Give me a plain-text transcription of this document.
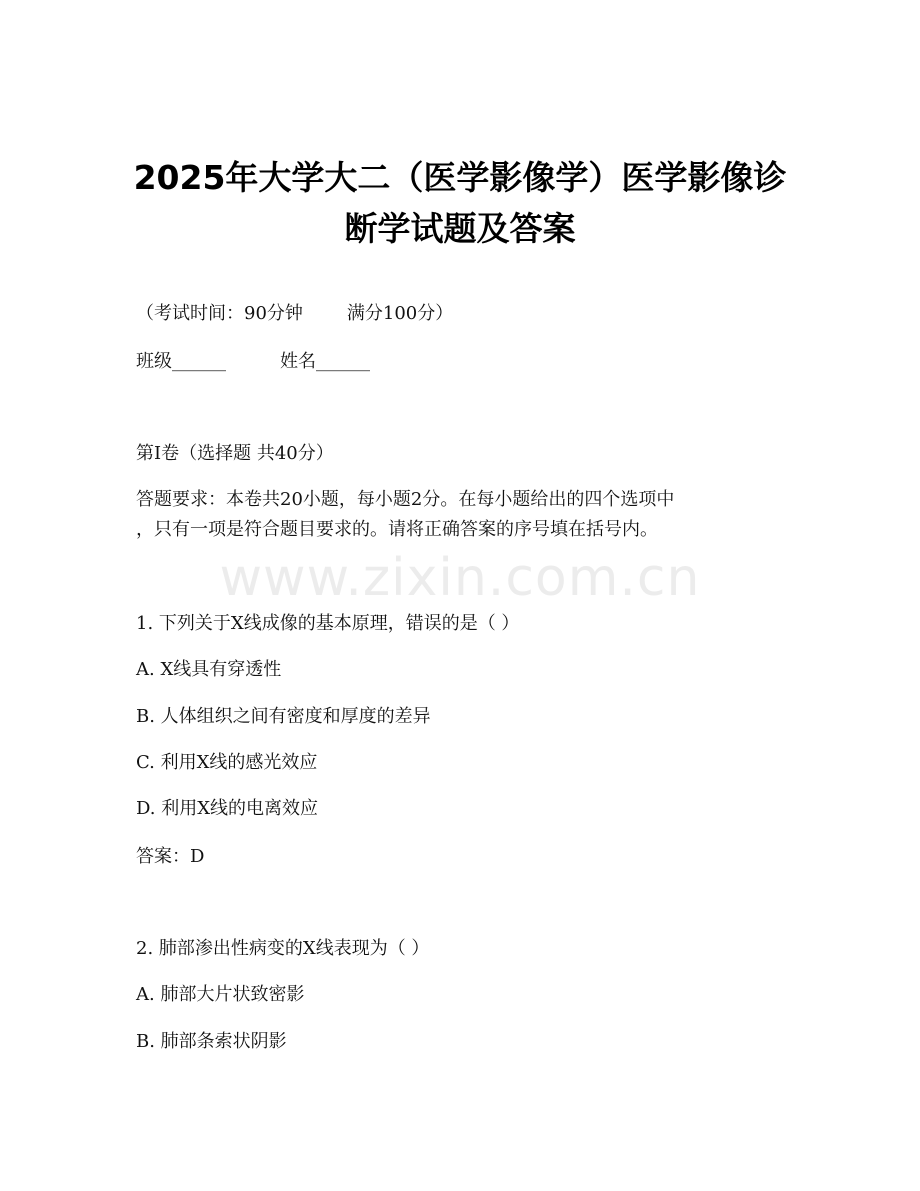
2025年大学大二（医学影像学）医学影像诊
断学试题及答案
（考试时间：90分钟 满分100分）
班级______	姓名______
第I卷（选择题 共40分）
答题要求：本卷共20小题，每小题2分。在每小题给出的四个选项中
，只有一项是符合题目要求的。请将正确答案的序号填在括号内。
www.zixin.com.cn
1. 下列关于X线成像的基本原理，错误的是（ ）
A. X线具有穿透性
B. 人体组织之间有密度和厚度的差异
C. 利用X线的感光效应
D. 利用X线的电离效应
答案：D
2. 肺部渗出性病变的X线表现为（ ）
A. 肺部大片状致密影
B. 肺部条索状阴影
